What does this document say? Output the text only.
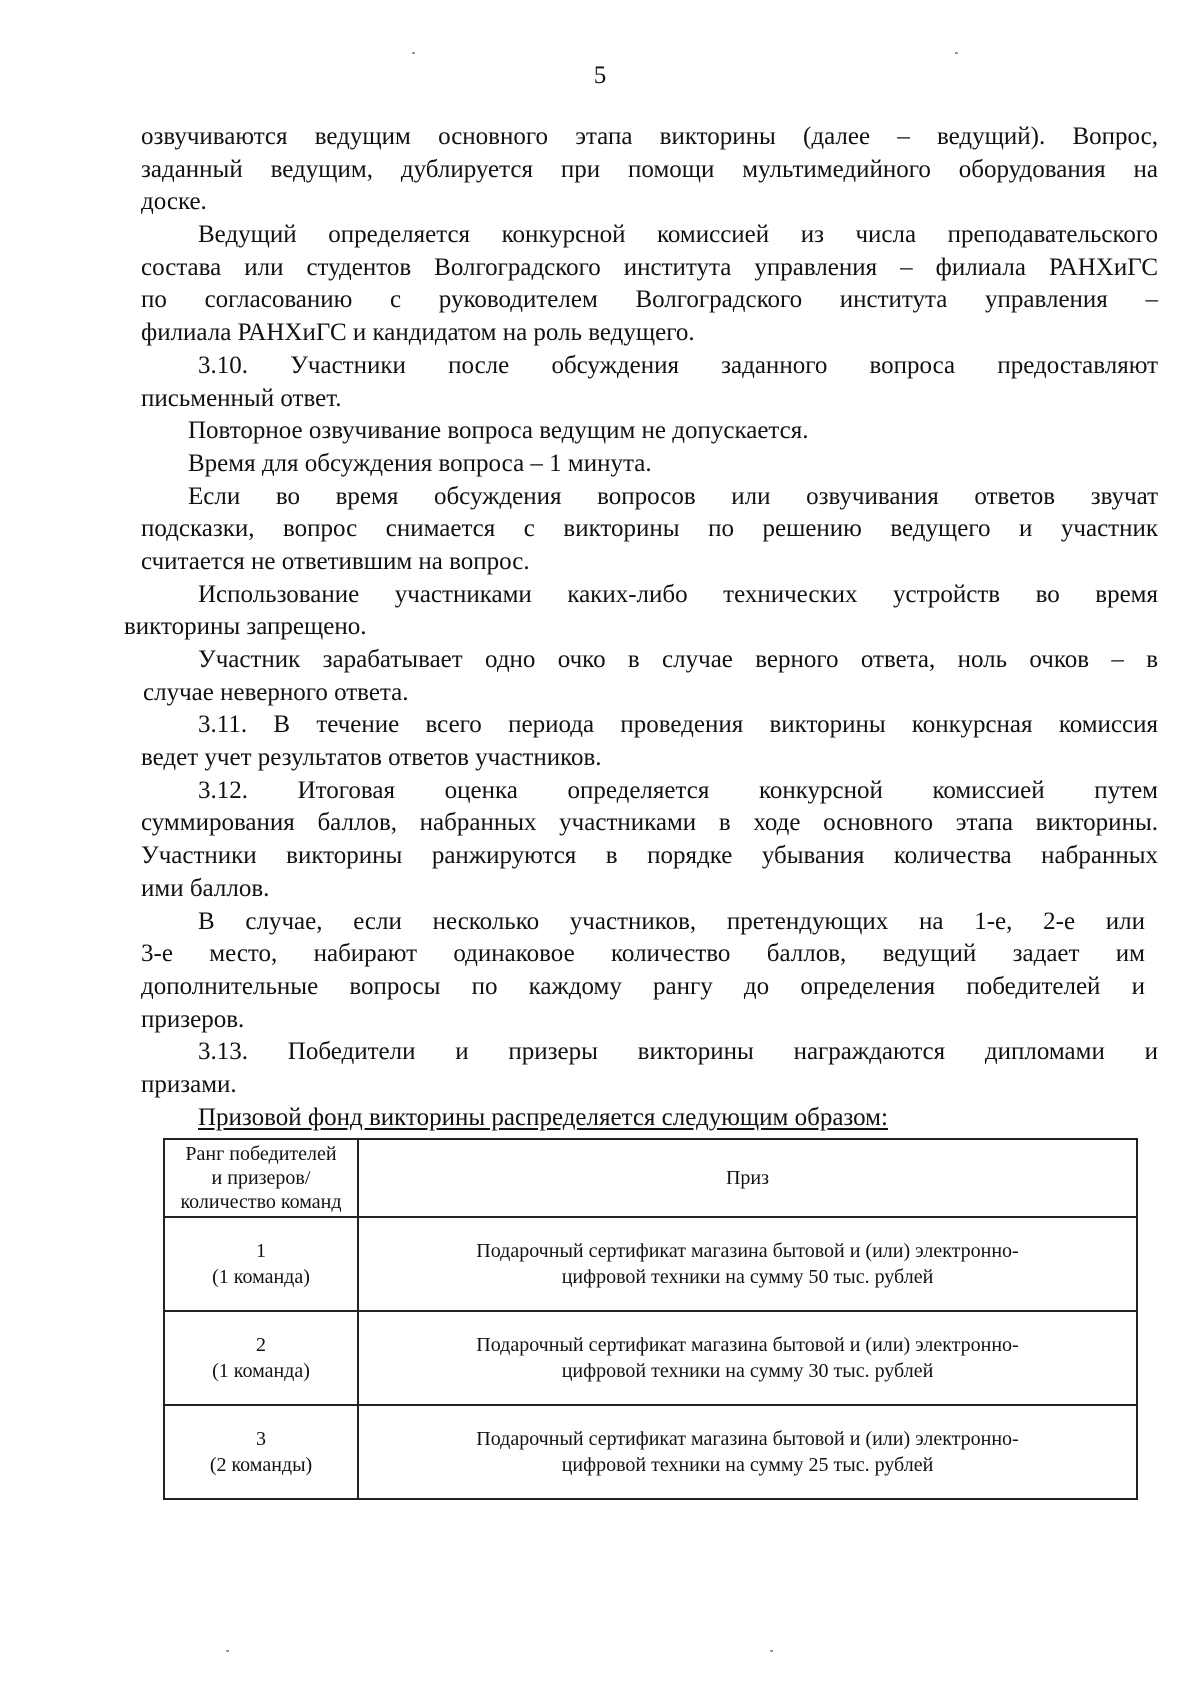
5
озвучиваются ведущим основного этапа викторины (далее – ведущий). Вопрос,
заданный ведущим, дублируется при помощи мультимедийного оборудования на
доске.
Ведущий определяется конкурсной комиссией из числа преподавательского
состава или студентов Волгоградского института управления – филиала РАНХиГС
по согласованию с руководителем Волгоградского института управления –
филиала РАНХиГС и кандидатом на роль ведущего.
3.10. Участники после обсуждения заданного вопроса предоставляют
письменный ответ.
Повторное озвучивание вопроса ведущим не допускается.
Время для обсуждения вопроса – 1 минута.
Если во время обсуждения вопросов или озвучивания ответов звучат
подсказки, вопрос снимается с викторины по решению ведущего и участник
считается не ответившим на вопрос.
Использование участниками каких-либо технических устройств во время
викторины запрещено.
Участник зарабатывает одно очко в случае верного ответа, ноль очков – в
случае неверного ответа.
3.11. В течение всего периода проведения викторины конкурсная комиссия
ведет учет результатов ответов участников.
3.12. Итоговая оценка определяется конкурсной комиссией путем
суммирования баллов, набранных участниками в ходе основного этапа викторины.
Участники викторины ранжируются в порядке убывания количества набранных
ими баллов.
В случае, если несколько участников, претендующих на 1-е, 2-е или
3-е место, набирают одинаковое количество баллов, ведущий задает им
дополнительные вопросы по каждому рангу до определения победителей и
призеров.
3.13. Победители и призеры викторины награждаются дипломами и
призами.
Призовой фонд викторины распределяется следующим образом:
Ранг победителей
и призеров/
количество команд	Приз

1
(1 команда)	Подарочный сертификат магазина бытовой и (или) электронно-
цифровой техники на сумму 50 тыс. рублей

2
(1 команда)	Подарочный сертификат магазина бытовой и (или) электронно-
цифровой техники на сумму 30 тыс. рублей

3
(2 команды)	Подарочный сертификат магазина бытовой и (или) электронно-
цифровой техники на сумму 25 тыс. рублей
